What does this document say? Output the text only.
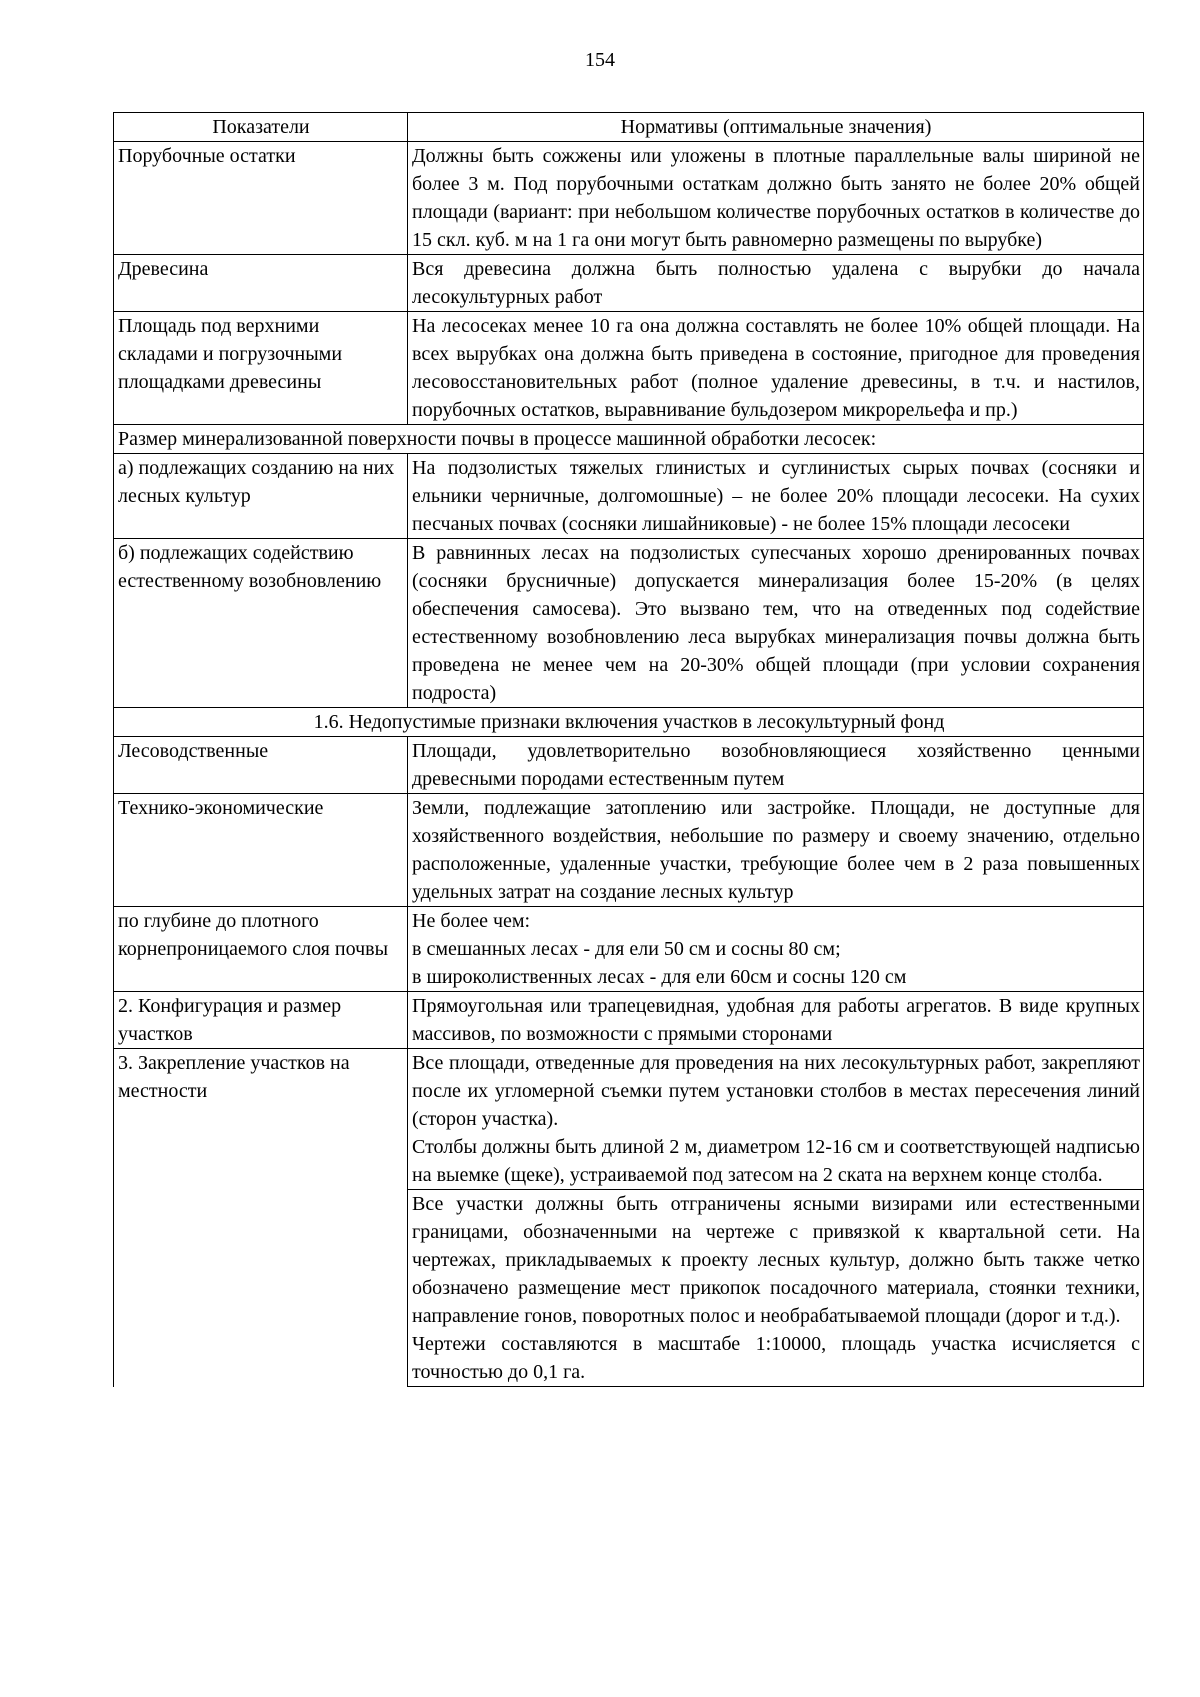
154
Показатели	Нормативы (оптимальные значения)
Порубочные остатки	Должны быть сожжены или уложены в плотные параллельные валы шириной не более 3 м. Под порубочными остаткам должно быть занято не более 20% общей площади (вариант: при небольшом количестве порубочных остатков в количестве до 15 скл. куб. м на 1 га они могут быть равномерно размещены по вырубке)
Древесина	Вся древесина должна быть полностью удалена с вырубки до начала лесокультурных работ
Площадь под верхними складами и погрузочными площадками древесины	На лесосеках менее 10 га она должна составлять не более 10% общей площади. На всех вырубках она должна быть приведена в состояние, пригодное для проведения лесовосстановительных работ (полное удаление древесины, в т.ч. и настилов, порубочных остатков, выравнивание бульдозером микрорельефа и пр.)
Размер минерализованной поверхности почвы в процессе машинной обработки лесосек:	
а) подлежащих созданию на них лесных культур	На подзолистых тяжелых глинистых и суглинистых сырых почвах (сосняки и ельники черничные, долгомошные) – не более 20% площади лесосеки. На сухих песчаных почвах (сосняки лишайниковые) - не более 15% площади лесосеки
б) подлежащих содействию естественному возобновлению	В равнинных лесах на подзолистых супесчаных хорошо дренированных почвах (сосняки брусничные) допускается минерализация более 15-20% (в целях обеспечения самосева). Это вызвано тем, что на отведенных под содействие естественному возобновлению леса вырубках минерализация почвы должна быть проведена не менее чем на 20-30% общей площади (при условии сохранения подроста)
1.6. Недопустимые признаки включения участков в лесокультурный фонд	
Лесоводственные	Площади, удовлетворительно возобновляющиеся хозяйственно ценными древесными породами естественным путем
Технико-экономические	Земли, подлежащие затоплению или застройке. Площади, не доступные для хозяйственного воздействия, небольшие по размеру и своему значению, отдельно расположенные, удаленные участки, требующие более чем в 2 раза повышенных удельных затрат на создание лесных культур
по глубине до плотного корнепроницаемого слоя почвы	Не более чем:
в смешанных лесах - для ели 50 см и сосны 80 см;
в широколиственных лесах - для ели 60см и сосны 120 см

2. Конфигурация и размер участков	Прямоугольная или трапецевидная, удобная для работы агрегатов. В виде крупных массивов, по возможности с прямыми сторонами
3. Закрепление участков на местности	Все площади, отведенные для проведения на них лесокультурных работ, закрепляют после их угломерной съемки путем установки столбов в местах пересечения линий (сторон участка).
Столбы должны быть длиной 2 м, диаметром 12-16 см и соответствующей надписью на выемке (щеке), устраиваемой под затесом на 2 ската на верхнем конце столба.

	Все участки должны быть отграничены ясными визирами или естественными границами, обозначенными на чертеже с привязкой к квартальной сети. На чертежах, прикладываемых к проекту лесных культур, должно быть также четко обозначено размещение мест прикопок посадочного материала, стоянки техники, направление гонов, поворотных полос и необрабатываемой площади (дорог и т.д.).
Чертежи составляются в масштабе 1:10000, площадь участка исчисляется с точностью до 0,1 га.
